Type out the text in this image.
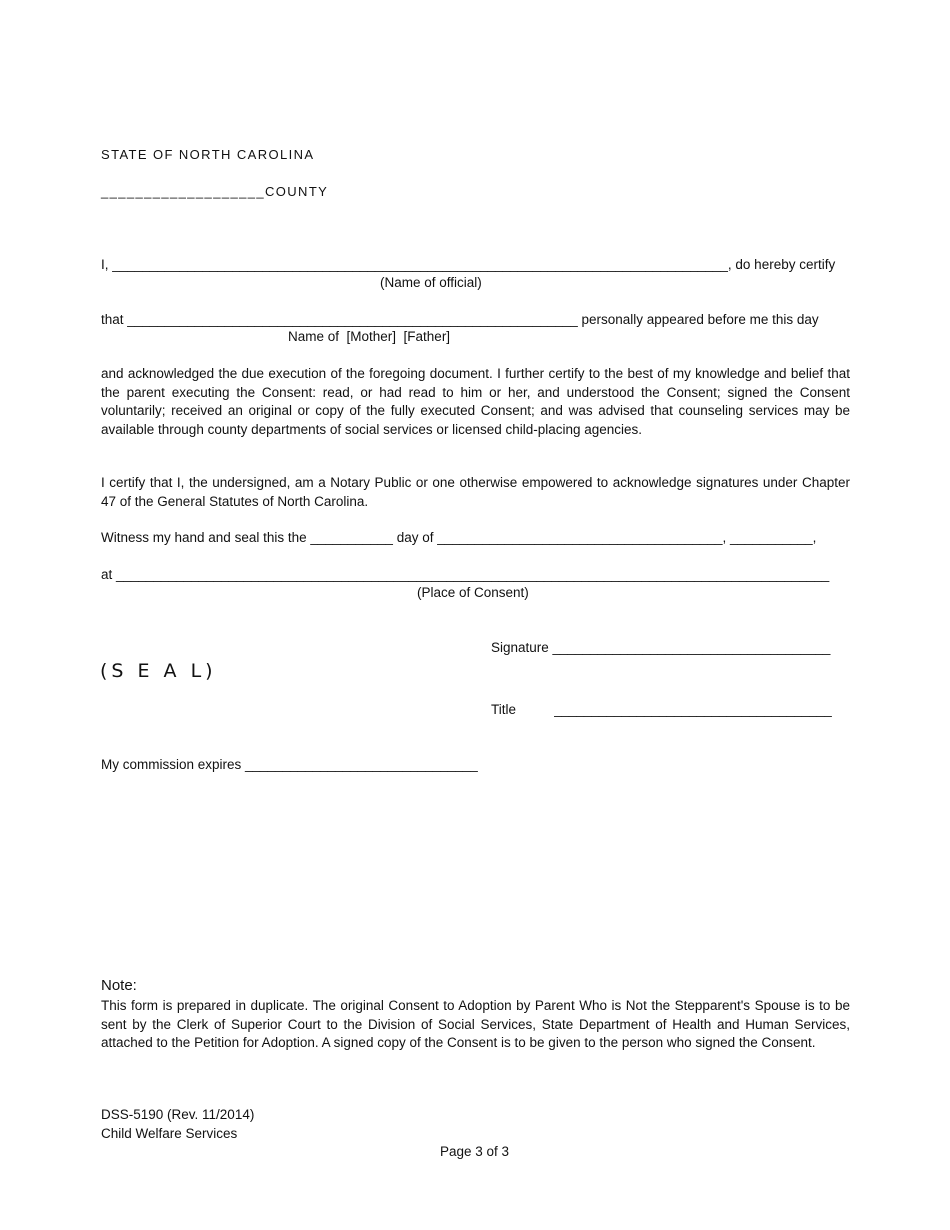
STATE OF NORTH CAROLINA
___________________COUNTY
I, __________________________________________________________________________________, do hereby certify
(Name of official)
that ____________________________________________________________ personally appeared before me this day
Name of  [Mother]  [Father]
and acknowledged the due execution of the foregoing document. I further certify to the best of my knowledge and belief that the parent executing the Consent: read, or had read to him or her, and understood the Consent; signed the Consent voluntarily; received an original or copy of the fully executed Consent; and was advised that counseling services may be available through county departments of social services or licensed child-placing agencies.
I certify that I, the undersigned, am a Notary Public or one otherwise empowered to acknowledge signatures under Chapter 47 of the General Statutes of North Carolina.
Witness my hand and seal this the ___________ day of ______________________________________, ___________,
at _______________________________________________________________________________________________
(Place of Consent)
Signature _____________________________________
(S E A L)
Title	_____________________________________
My commission expires _______________________________
Note:
This form is prepared in duplicate. The original Consent to Adoption by Parent Who is Not the Stepparent's Spouse is to be sent by the Clerk of Superior Court to the Division of Social Services, State Department of Health and Human Services, attached to the Petition for Adoption. A signed copy of the Consent is to be given to the person who signed the Consent.
DSS-5190 (Rev. 11/2014)
Child Welfare Services
Page 3 of 3
